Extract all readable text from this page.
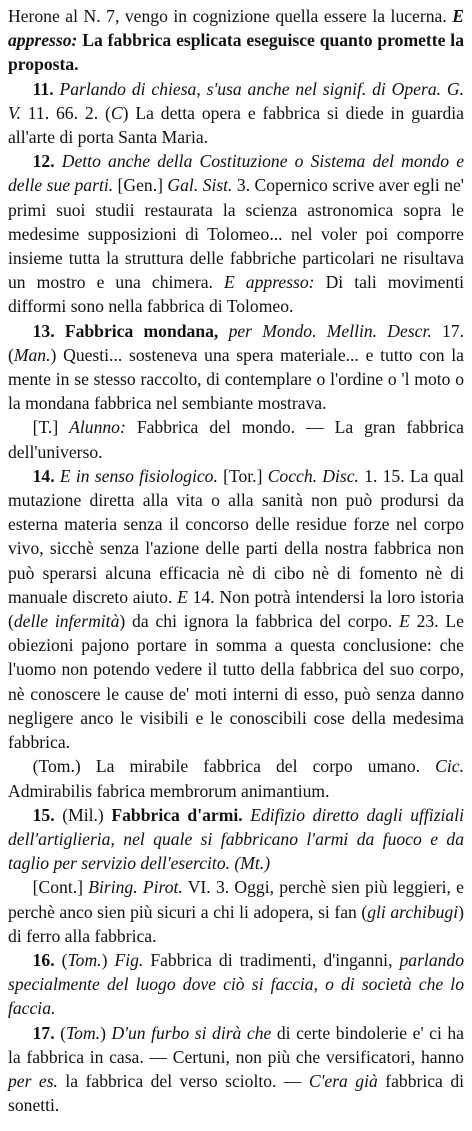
Herone al N. 7, vengo in cognizione quella essere la lucerna. E appresso: La fabbrica esplicata eseguisce quanto promette la proposta.

11. Parlando di chiesa, s'usa anche nel signif. di Opera. G. V. 11. 66. 2. (C) La detta opera e fabbrica si diede in guardia all'arte di porta Santa Maria.

12. Detto anche della Costituzione o Sistema del mondo e delle sue parti. [Gen.] Gal. Sist. 3. Copernico scrive aver egli ne' primi suoi studii restaurata la scienza astronomica sopra le medesime supposizioni di Tolomeo... nel voler poi comporre insieme tutta la struttura delle fabbriche particolari ne risultava un mostro e una chimera. E appresso: Di tali movimenti difformi sono nella fabbrica di Tolomeo.

13. Fabbrica mondana, per Mondo. Mellin. Descr. 17. (Man.) Questi... sosteneva una spera materiale... e tutto con la mente in se stesso raccolto, di contemplare o l'ordine o 'l moto o la mondana fabbrica nel sembiante mostrava.

[T.] Alunno: Fabbrica del mondo. — La gran fabbrica dell'universo.

14. E in senso fisiologico. [Tor.] Cocch. Disc. 1. 15. La qual mutazione diretta alla vita o alla sanità non può prodursi da esterna materia senza il concorso delle residue forze nel corpo vivo, sicchè senza l'azione delle parti della nostra fabbrica non può sperarsi alcuna efficacia nè di cibo nè di fomento nè di manuale discreto aiuto. E 14. Non potrà intendersi la loro istoria (delle infermità) da chi ignora la fabbrica del corpo. E 23. Le obiezioni pajono portare in somma a questa conclusione: che l'uomo non potendo vedere il tutto della fabbrica del suo corpo, nè conoscere le cause de' moti interni di esso, può senza danno negligere anco le visibili e le conoscibili cose della medesima fabbrica.

(Tom.) La mirabile fabbrica del corpo umano. Cic. Admirabilis fabrica membrorum animantium.

15. (Mil.) Fabbrica d'armi. Edifizio diretto dagli uffiziali dell'artiglieria, nel quale si fabbricano l'armi da fuoco e da taglio per servizio dell'esercito. (Mt.)

[Cont.] Biring. Pirot. VI. 3. Oggi, perchè sien più leggieri, e perchè anco sien più sicuri a chi li adopera, si fan (gli archibugi) di ferro alla fabbrica.

16. (Tom.) Fig. Fabbrica di tradimenti, d'inganni, parlando specialmente del luogo dove ciò si faccia, o di società che lo faccia.

17. (Tom.) D'un furbo si dirà che di certe bindolerie e' ci ha la fabbrica in casa. — Certuni, non più che versificatori, hanno per es. la fabbrica del verso sciolto. — C'era già fabbrica di sonetti.
